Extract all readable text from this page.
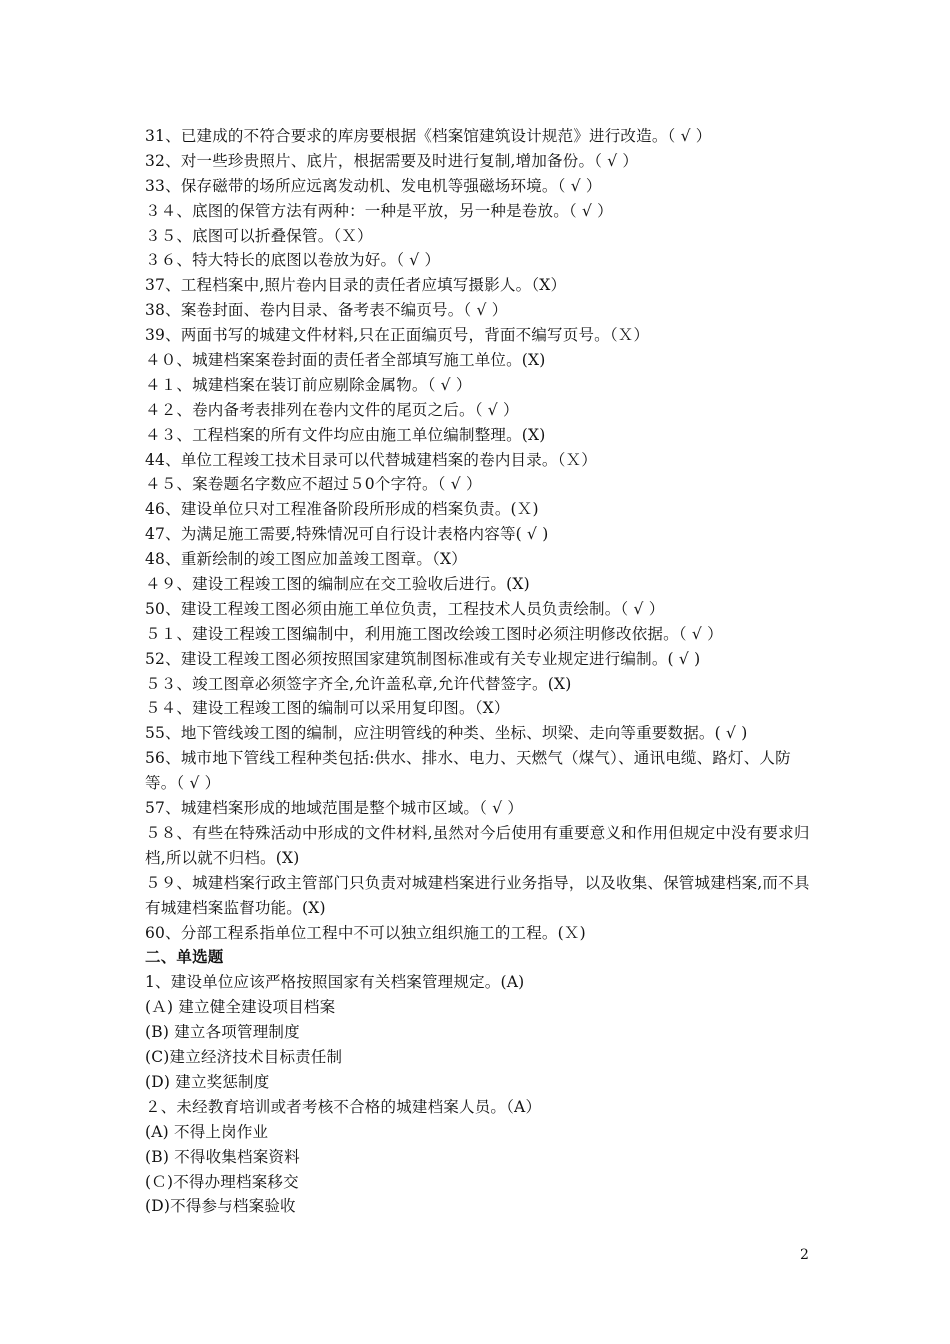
31、已建成的不符合要求的库房要根据《档案馆建筑设计规范》进行改造。（ √ ）
32、对一些珍贵照片、底片，根据需要及时进行复制,增加备份。（ √ ）
33、保存磁带的场所应远离发动机、发电机等强磁场环境。（ √ ）
３４、底图的保管方法有两种：一种是平放，另一种是卷放。（ √ ）
３５、底图可以折叠保管。（Ｘ）
３６、特大特长的底图以卷放为好。（ √ ）
37、工程档案中,照片卷内目录的责任者应填写摄影人。（X）
38、案卷封面、卷内目录、备考表不编页号。（ √ ）
39、两面书写的城建文件材料,只在正面编页号，背面不编写页号。（Ｘ）
４０、城建档案案卷封面的责任者全部填写施工单位。(X)
４１、城建档案在装订前应剔除金属物。（ √ ）
４２、卷内备考表排列在卷内文件的尾页之后。（ √ ）
４３、工程档案的所有文件均应由施工单位编制整理。(X)
44、单位工程竣工技术目录可以代替城建档案的卷内目录。（Ｘ）
４５、案卷题名字数应不超过５0个字符。（ √ ）
46、建设单位只对工程准备阶段所形成的档案负责。(Ｘ)
47、为满足施工需要,特殊情况可自行设计表格内容等( √ )
48、重新绘制的竣工图应加盖竣工图章。（X）
４９、建设工程竣工图的编制应在交工验收后进行。(X)
50、建设工程竣工图必须由施工单位负责，工程技术人员负责绘制。（ √ ）
５１、建设工程竣工图编制中，利用施工图改绘竣工图时必须注明修改依据。（ √ ）
52、建设工程竣工图必须按照国家建筑制图标准或有关专业规定进行编制。( √ )
５３、竣工图章必须签字齐全,允许盖私章,允许代替签字。(X)
５４、建设工程竣工图的编制可以采用复印图。（X）
55、地下管线竣工图的编制，应注明管线的种类、坐标、坝梁、走向等重要数据。( √ )
56、城市地下管线工程种类包括:供水、排水、电力、天燃气（煤气）、通讯电缆、路灯、人防等。（ √ ）
57、城建档案形成的地域范围是整个城市区域。（ √ ）
５８、有些在特殊活动中形成的文件材料,虽然对今后使用有重要意义和作用但规定中没有要求归档,所以就不归档。(X)
５９、城建档案行政主管部门只负责对城建档案进行业务指导，以及收集、保管城建档案,而不具有城建档案监督功能。(X)
60、分部工程系指单位工程中不可以独立组织施工的工程。(Ｘ)
二、单选题
1、建设单位应该严格按照国家有关档案管理规定。(A)
(Ａ) 建立健全建设项目档案
(B) 建立各项管理制度
(C)建立经济技术目标责任制
(D) 建立奖惩制度
２、未经教育培训或者考核不合格的城建档案人员。（A）
(A) 不得上岗作业
(B) 不得收集档案资料
(Ｃ)不得办理档案移交
(D)不得参与档案验收
2
